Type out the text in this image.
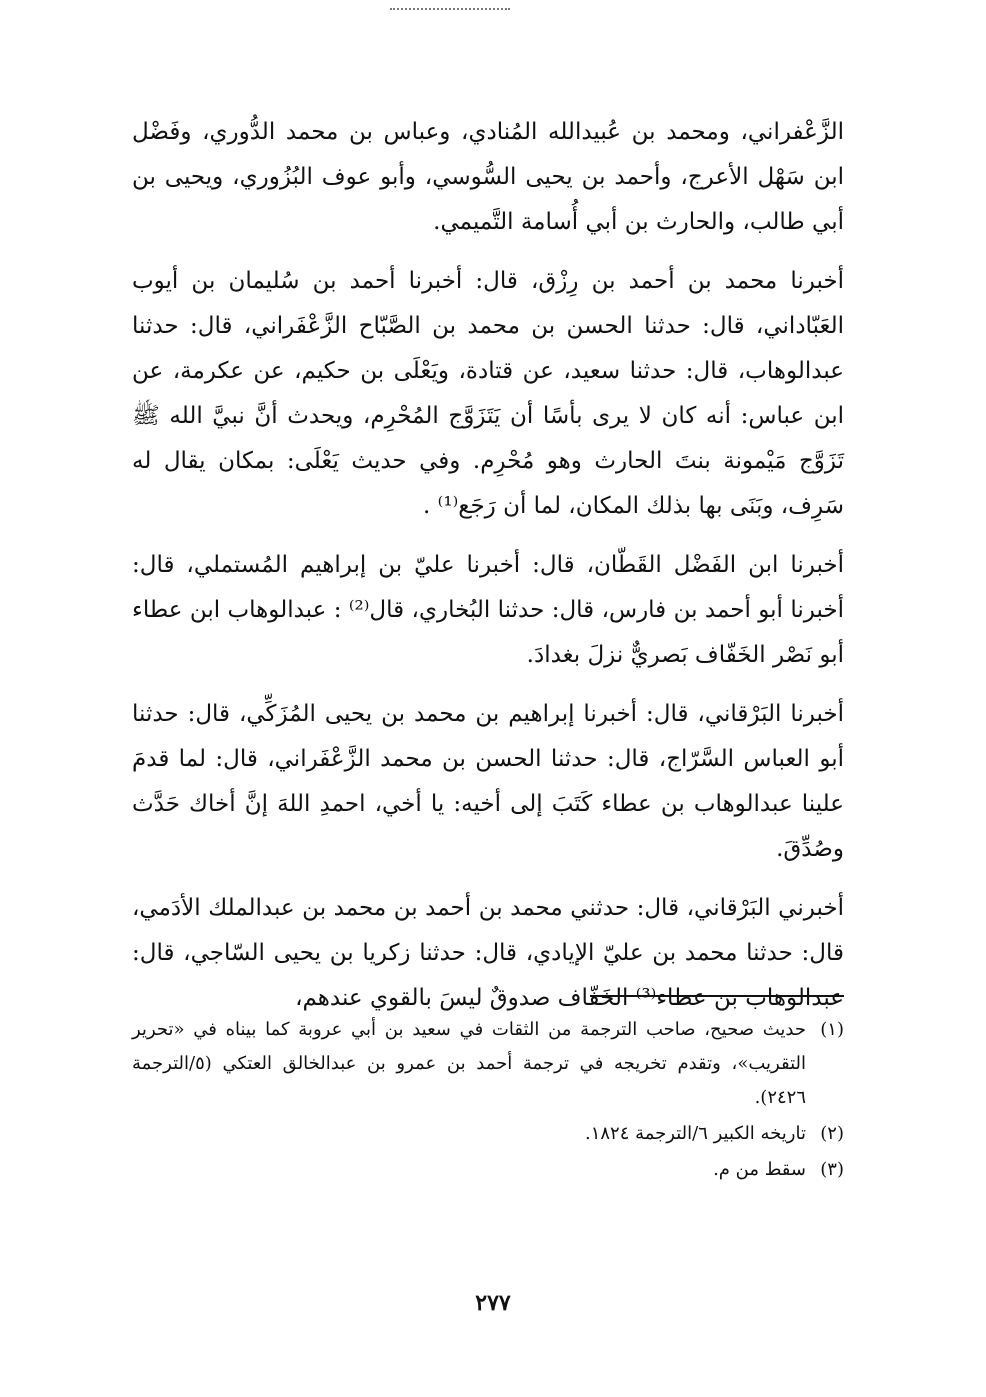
الزَّعْفراني، ومحمد بن عُبيدالله المُنادي، وعباس بن محمد الدُّوري، وفَضْل ابن سَهْل الأعرج، وأحمد بن يحيى السُّوسي، وأبو عوف البُزُوري، ويحيى بن أبي طالب، والحارث بن أبي أُسامة التَّميمي.

أخبرنا محمد بن أحمد بن رِزْق، قال: أخبرنا أحمد بن سُليمان بن أيوب العَبّاداني، قال: حدثنا الحسن بن محمد بن الصَّبّاح الزَّعْفَراني، قال: حدثنا عبدالوهاب، قال: حدثنا سعيد، عن قتادة، ويَعْلَى بن حكيم، عن عكرمة، عن ابن عباس: أنه كان لا يرى بأسًا أن يَتَزَوَّج المُحْرِم، ويحدث أنَّ نبيَّ الله ﷺ تَزَوَّج مَيْمونة بنتَ الحارث وهو مُحْرِم. وفي حديث يَعْلَى: بمكان يقال له سَرِف، وبَنَى بها بذلك المكان، لما أن رَجَع⁽¹⁾ .

أخبرنا ابن الفَضْل القَطّان، قال: أخبرنا عليّ بن إبراهيم المُستملي، قال: أخبرنا أبو أحمد بن فارس، قال: حدثنا البُخاري، قال⁽²⁾ : عبدالوهاب ابن عطاء أبو نَصْر الخَفّاف بَصريٌّ نزلَ بغدادَ.

أخبرنا البَرْقاني، قال: أخبرنا إبراهيم بن محمد بن يحيى المُزَكِّي، قال: حدثنا أبو العباس السَّرّاج، قال: حدثنا الحسن بن محمد الزَّعْفَراني، قال: لما قدمَ علينا عبدالوهاب بن عطاء كَتَبَ إلى أخيه: يا أخي، احمدِ اللهَ إنَّ أخاك حَدَّث وصُدِّقَ.

أخبرني البَرْقاني، قال: حدثني محمد بن أحمد بن محمد بن عبدالملك الأدَمي، قال: حدثنا محمد بن عليّ الإيادي، قال: حدثنا زكريا بن يحيى السّاجي، قال: عبدالوهاب بن عطاء⁽³⁾ الخَفّاف صدوقٌ ليسَ بالقوي عندهم،

(١)
حديث صحيح، صاحب الترجمة من الثقات في سعيد بن أبي عروبة كما بيناه في «تحرير التقريب»، وتقدم تخريجه في ترجمة أحمد بن عمرو بن عبدالخالق العتكي (٥/الترجمة ٢٤٢٦).
(٢)
تاريخه الكبير ٦/الترجمة ١٨٢٤.
(٣)
سقط من م.
٢٧٧
